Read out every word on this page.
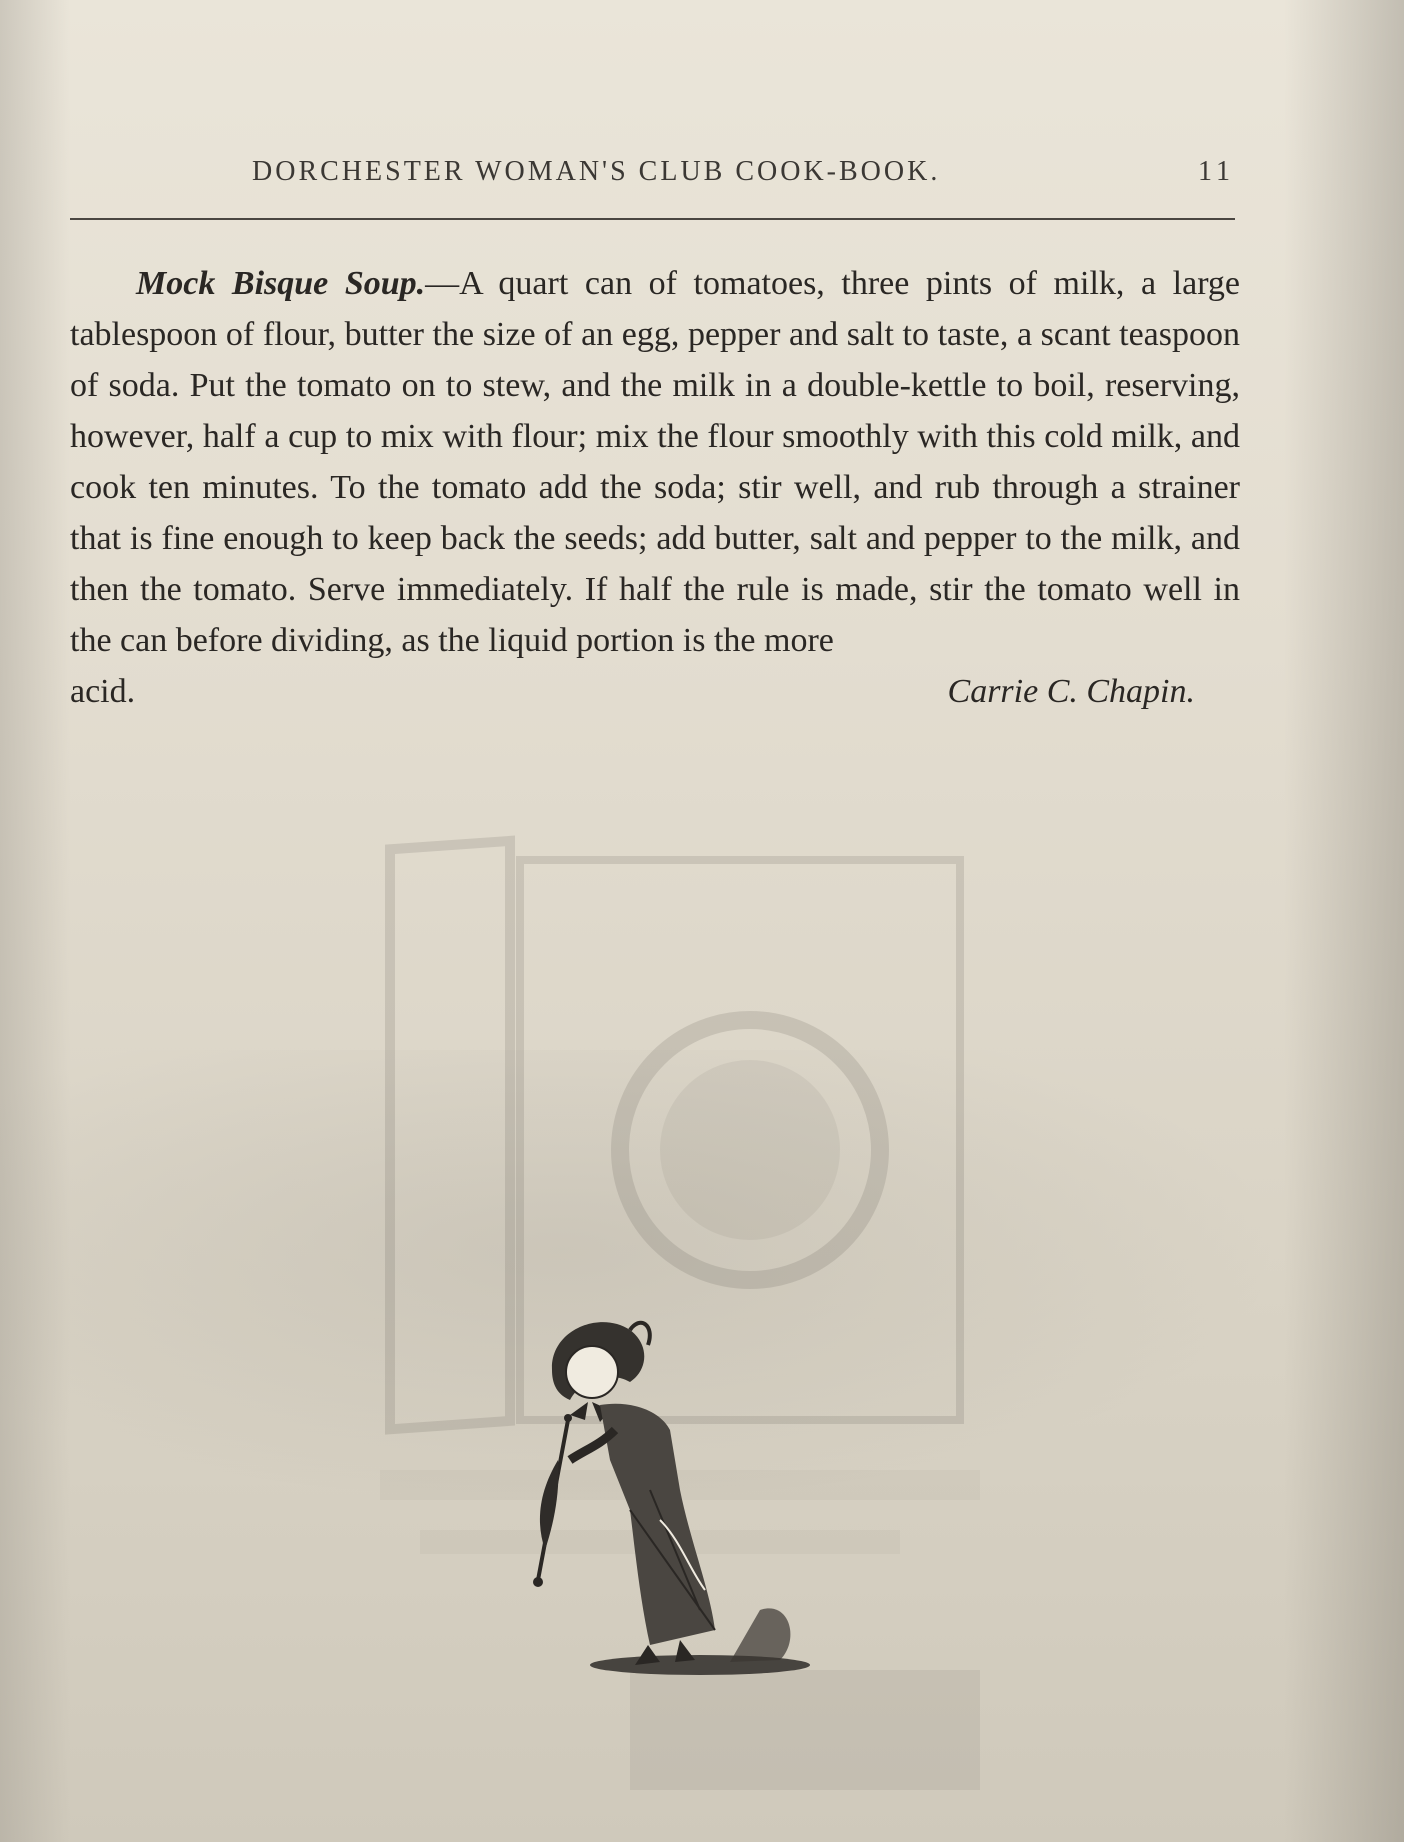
DORCHESTER WOMAN'S CLUB COOK-BOOK.	11

Mock Bisque Soup.—A quart can of tomatoes, three pints of milk, a large tablespoon of flour, butter the size of an egg, pepper and salt to taste, a scant teaspoon of soda. Put the tomato on to stew, and the milk in a double-kettle to boil, reserving, however, half a cup to mix with flour; mix the flour smoothly with this cold milk, and cook ten minutes. To the tomato add the soda; stir well, and rub through a strainer that is fine enough to keep back the seeds; add butter, salt and pepper to the milk, and then the tomato. Serve immediately. If half the rule is made, stir the tomato well in the can before dividing, as the liquid portion is the more

acid.	Carrie C. Chapin.
